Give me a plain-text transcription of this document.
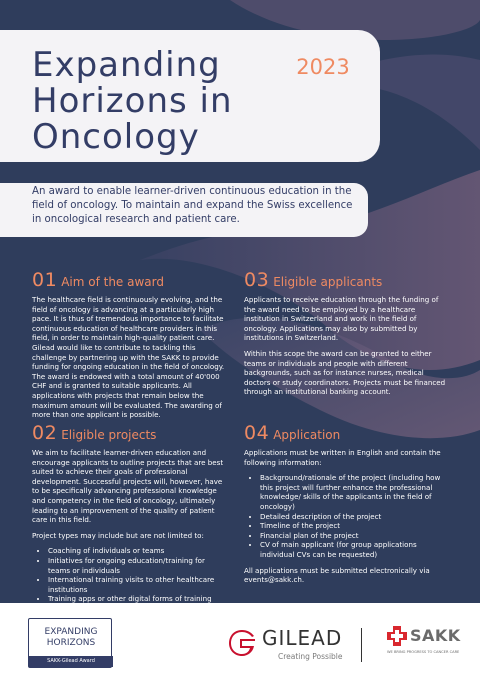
Expanding Horizons in Oncology
2023

An award to enable learner-driven continuous education in the field of oncology. To maintain and expand the Swiss excellence in oncological research and patient care.

01 Aim of the award

The healthcare field is continuously evolving, and the field of oncology is advancing at a particularly high pace. It is thus of tremendous importance to facilitate continuous education of healthcare providers in this field, in order to maintain high-quality patient care. Gilead would like to contribute to tackling this challenge by partnering up with the SAKK to provide funding for ongoing education in the field of oncology. The award is endowed with a total amount of 40'000 CHF and is granted to suitable applicants. All applications with projects that remain below the maximum amount will be evaluated. The awarding of more than one applicant is possible.

03 Eligible applicants

Applicants to receive education through the funding of the award need to be employed by a healthcare institution in Switzerland and work in the field of oncology. Applications may also by submitted by institutions in Switzerland.

Within this scope the award can be granted to either teams or individuals and people with different backgrounds, such as for instance nurses, medical doctors or study coordinators. Projects must be financed through an institutional banking account.

02 Eligible projects

We aim to facilitate learner-driven education and encourage applicants to outline projects that are best suited to achieve their goals of professional development. Successful projects will, however, have to be specifically advancing professional knowledge and competency in the field of oncology, ultimately leading to an improvement of the quality of patient care in this field.

Project types may include but are not limited to:

• Coaching of individuals or teams
• Initiatives for ongoing education/training for teams or individuals
• International training visits to other healthcare institutions
• Training apps or other digital forms of training
04 Application

Applications must be written in English and contain the following information:

• Background/rationale of the project (including how this project will further enhance the professional knowledge/ skills of the applicants in the field of oncology)
• Detailed description of the project
• Timeline of the project
• Financial plan of the project
• CV of main applicant (for group applications individual CVs can be requested)

All applications must be submitted electronically via events@sakk.ch.

EXPANDING
HORIZONS
SAKK-Gilead Award
GILEAD
Creating Possible
SAKK
WE BRING PROGRESS TO CANCER CARE
